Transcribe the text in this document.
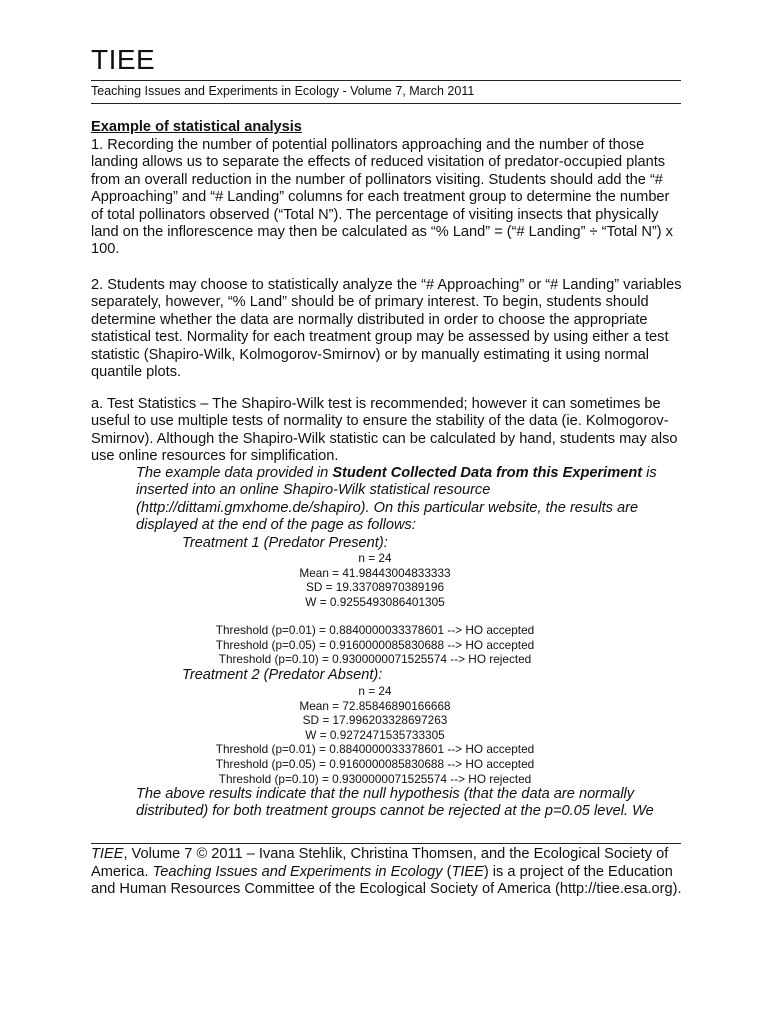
TIEE
Teaching Issues and Experiments in Ecology - Volume 7, March 2011
Example of statistical analysis
1. Recording the number of potential pollinators approaching and the number of those landing allows us to separate the effects of reduced visitation of predator-occupied plants from an overall reduction in the number of pollinators visiting. Students should add the “# Approaching” and “# Landing” columns for each treatment group to determine the number of total pollinators observed (“Total N”). The percentage of visiting insects that physically land on the inflorescence may then be calculated as “% Land” = (“# Landing” ÷ “Total N”) x 100.
2. Students may choose to statistically analyze the “# Approaching” or “# Landing” variables separately, however, “% Land” should be of primary interest. To begin, students should determine whether the data are normally distributed in order to choose the appropriate statistical test. Normality for each treatment group may be assessed by using either a test statistic (Shapiro-Wilk, Kolmogorov-Smirnov) or by manually estimating it using normal quantile plots.
a. Test Statistics – The Shapiro-Wilk test is recommended; however it can sometimes be useful to use multiple tests of normality to ensure the stability of the data (ie. Kolmogorov-Smirnov). Although the Shapiro-Wilk statistic can be calculated by hand, students may also use online resources for simplification.
The example data provided in Student Collected Data from this Experiment is inserted into an online Shapiro-Wilk statistical resource (http://dittami.gmxhome.de/shapiro). On this particular website, the results are displayed at the end of the page as follows:
Treatment 1 (Predator Present):
n = 24
Mean = 41.98443004833333
SD = 19.33708970389196
W = 0.9255493086401305
Threshold (p=0.01) = 0.8840000033378601 --> HO accepted
Threshold (p=0.05) = 0.9160000085830688 --> HO accepted
Threshold (p=0.10) = 0.9300000071525574 --> HO rejected
Treatment 2 (Predator Absent):
n = 24
Mean = 72.85846890166668
SD = 17.996203328697263
W = 0.9272471535733305
Threshold (p=0.01) = 0.8840000033378601 --> HO accepted
Threshold (p=0.05) = 0.9160000085830688 --> HO accepted
Threshold (p=0.10) = 0.9300000071525574 --> HO rejected
The above results indicate that the null hypothesis (that the data are normally distributed) for both treatment groups cannot be rejected at the p=0.05 level. We
TIEE, Volume 7 © 2011 – Ivana Stehlik, Christina Thomsen, and the Ecological Society of America. Teaching Issues and Experiments in Ecology (TIEE) is a project of the Education and Human Resources Committee of the Ecological Society of America (http://tiee.esa.org).
